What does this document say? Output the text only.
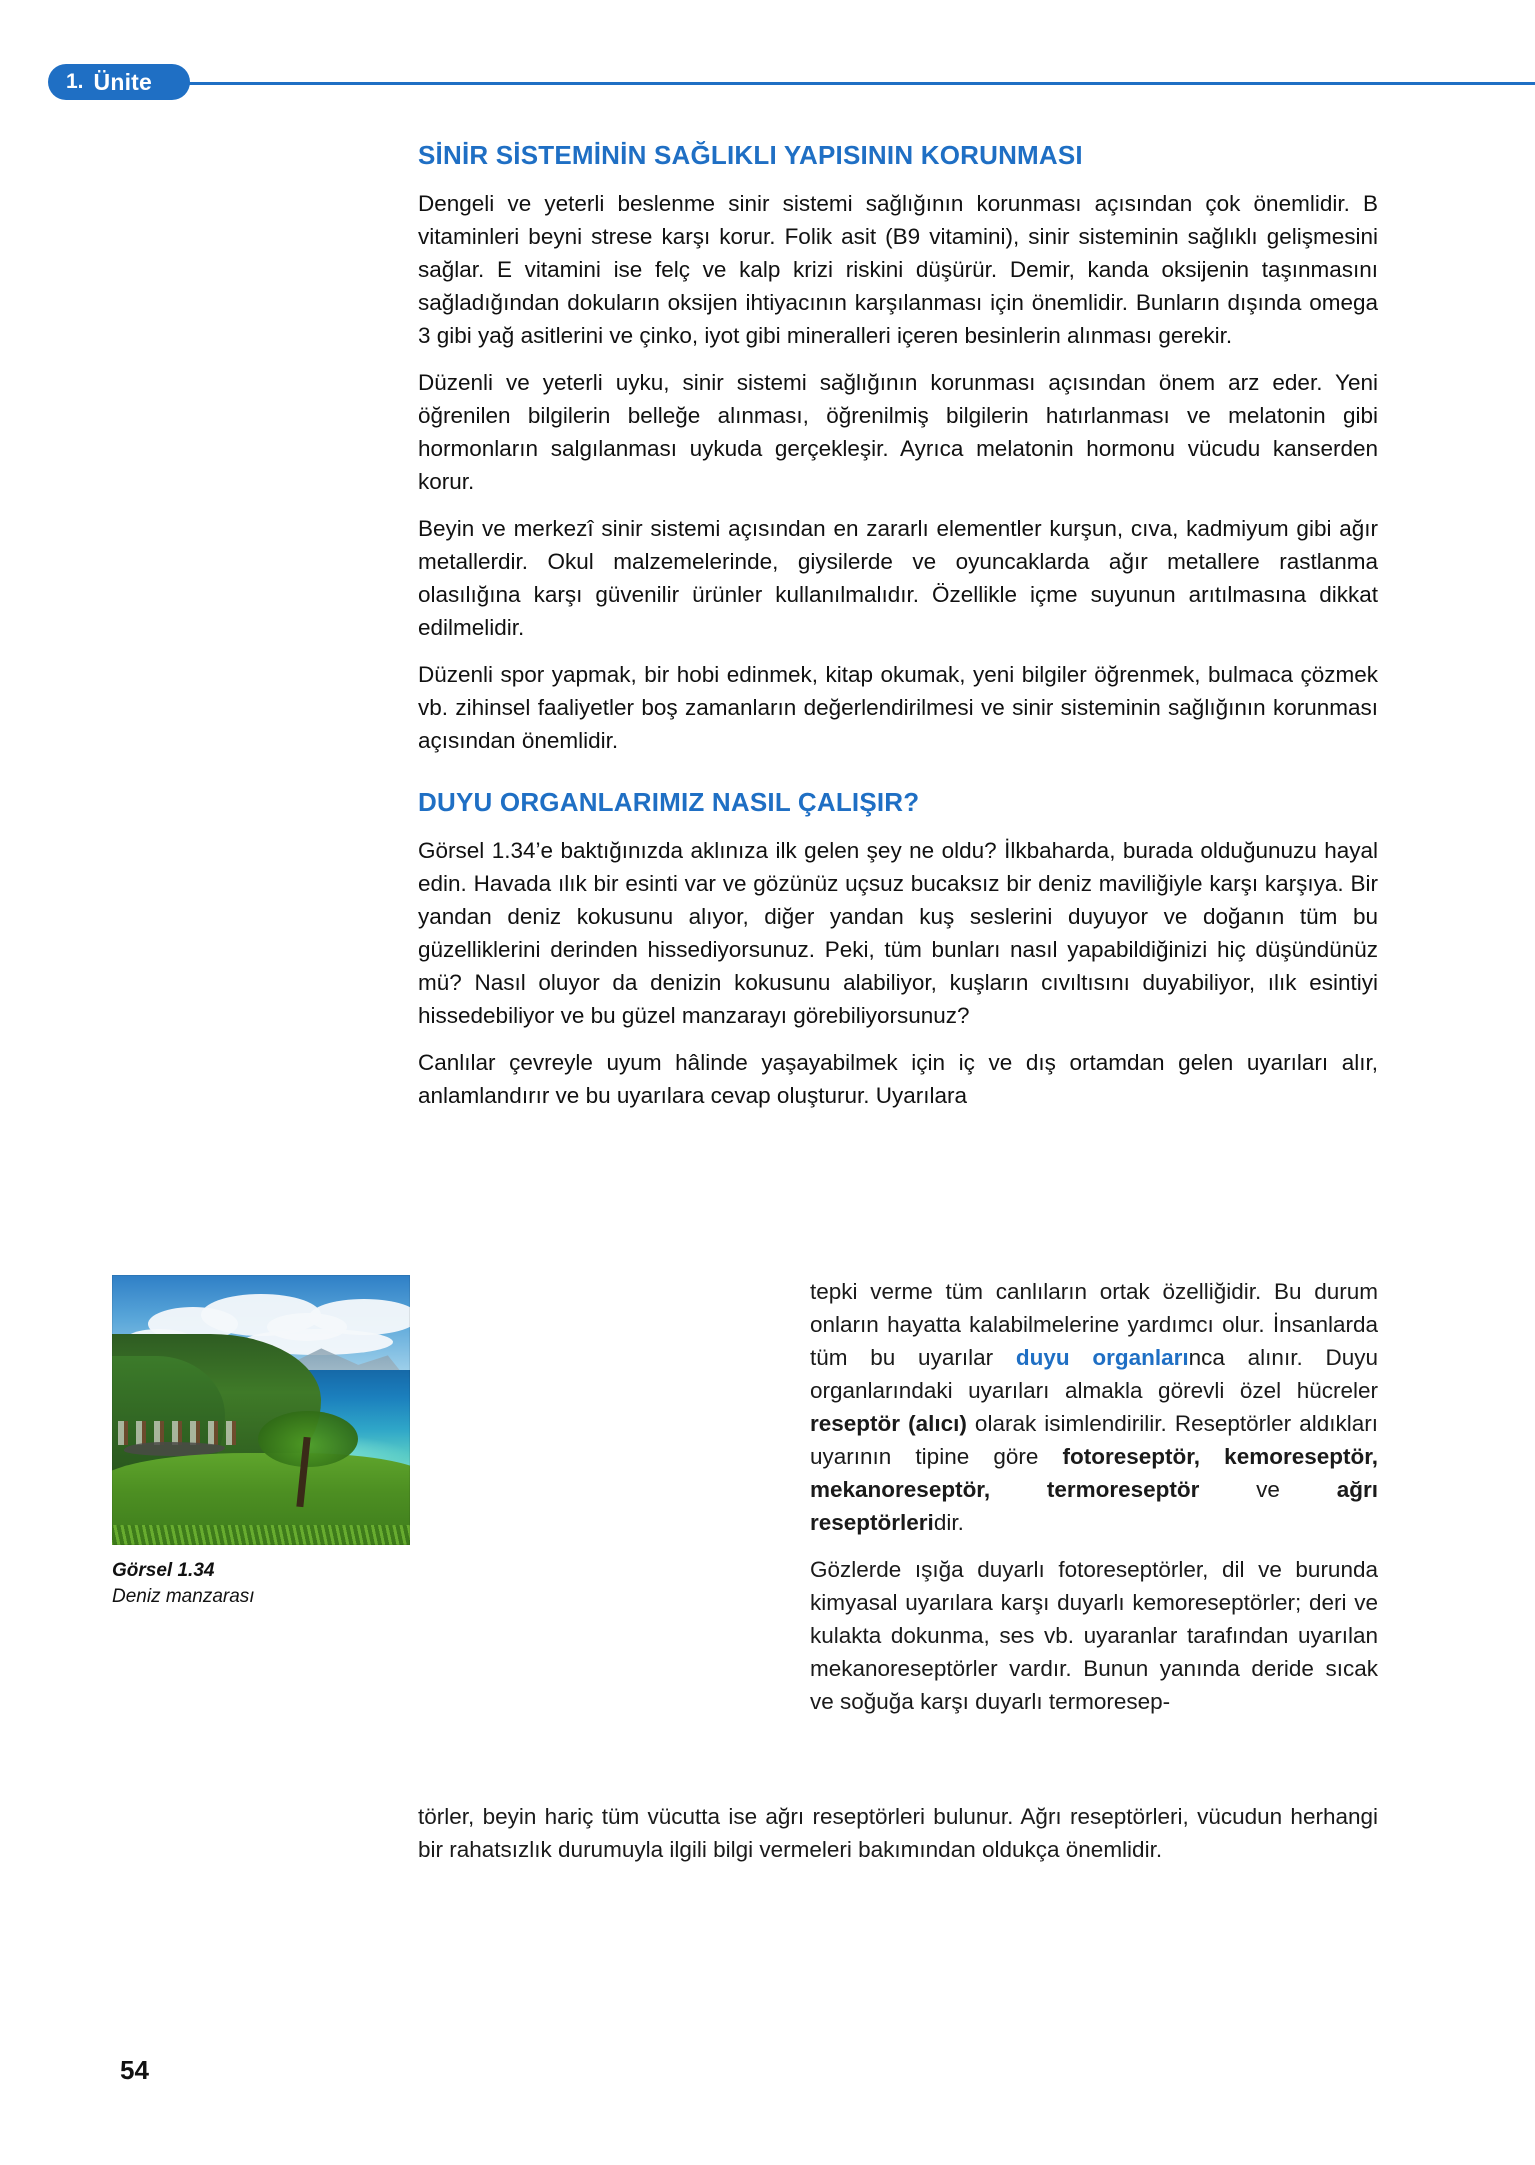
1. Ünite
SİNİR SİSTEMİNİN SAĞLIKLI YAPISININ KORUNMASI

Dengeli ve yeterli beslenme sinir sistemi sağlığının korunması açısından çok önemlidir. B vitaminleri beyni strese karşı korur. Folik asit (B9 vitamini), sinir sisteminin sağlıklı gelişmesini sağlar. E vitamini ise felç ve kalp krizi riskini düşürür. Demir, kanda oksijenin taşınmasını sağladığından dokuların oksijen ihtiyacının karşılanması için önemlidir. Bunların dışında omega 3 gibi yağ asitlerini ve çinko, iyot gibi mineralleri içeren besinlerin alınması gerekir.

Düzenli ve yeterli uyku, sinir sistemi sağlığının korunması açısından önem arz eder. Yeni öğrenilen bilgilerin belleğe alınması, öğrenilmiş bilgilerin hatırlanması ve melatonin gibi hormonların salgılanması uykuda gerçekleşir. Ayrıca melatonin hormonu vücudu kanserden korur.

Beyin ve merkezî sinir sistemi açısından en zararlı elementler kurşun, cıva, kadmiyum gibi ağır metallerdir. Okul malzemelerinde, giysilerde ve oyuncaklarda ağır metallere rastlanma olasılığına karşı güvenilir ürünler kullanılmalıdır. Özellikle içme suyunun arıtılmasına dikkat edilmelidir.

Düzenli spor yapmak, bir hobi edinmek, kitap okumak, yeni bilgiler öğrenmek, bulmaca çözmek vb. zihinsel faaliyetler boş zamanların değerlendirilmesi ve sinir sisteminin sağlığının korunması açısından önemlidir.

DUYU ORGANLARIMIZ NASIL ÇALIŞIR?

Görsel 1.34’e baktığınızda aklınıza ilk gelen şey ne oldu? İlkbaharda, burada olduğunuzu hayal edin. Havada ılık bir esinti var ve gözünüz uçsuz bucaksız bir deniz maviliğiyle karşı karşıya. Bir yandan deniz kokusunu alıyor, diğer yandan kuş seslerini duyuyor ve doğanın tüm bu güzelliklerini derinden hissediyorsunuz. Peki, tüm bunları nasıl yapabildiğinizi hiç düşündünüz mü? Nasıl oluyor da denizin kokusunu alabiliyor, kuşların cıvıltısını duyabiliyor, ılık esintiyi hissedebiliyor ve bu güzel manzarayı görebiliyorsunuz?

Canlılar çevreyle uyum hâlinde yaşayabilmek için iç ve dış ortamdan gelen uyarıları alır, anlamlandırır ve bu uyarılara cevap oluşturur. Uyarılara

Görsel 1.34
Deniz manzarası

tepki verme tüm canlıların ortak özelliğidir. Bu durum onların hayatta kalabilmelerine yardımcı olur. İnsanlarda tüm bu uyarılar duyu organlarınca alınır. Duyu organlarındaki uyarıları almakla görevli özel hücreler reseptör (alıcı) olarak isimlendirilir. Reseptörler aldıkları uyarının tipine göre fotoreseptör, kemoreseptör, mekanoreseptör, termoreseptör ve ağrı reseptörleridir.

Gözlerde ışığa duyarlı fotoreseptörler, dil ve burunda kimyasal uyarılara karşı duyarlı kemoreseptörler; deri ve kulakta dokunma, ses vb. uyaranlar tarafından uyarılan mekanoreseptörler vardır. Bunun yanında deride sıcak ve soğuğa karşı duyarlı termoresep-

törler, beyin hariç tüm vücutta ise ağrı reseptörleri bulunur. Ağrı reseptörleri, vücudun herhangi bir rahatsızlık durumuyla ilgili bilgi vermeleri bakımından oldukça önemlidir.

54
